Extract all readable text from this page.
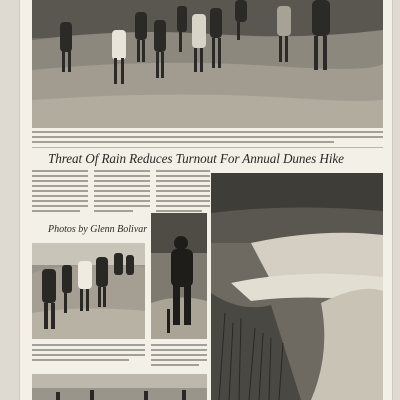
Threat Of Rain Reduces Turnout For Annual Dunes Hike
Photos by Glenn Bolivar
